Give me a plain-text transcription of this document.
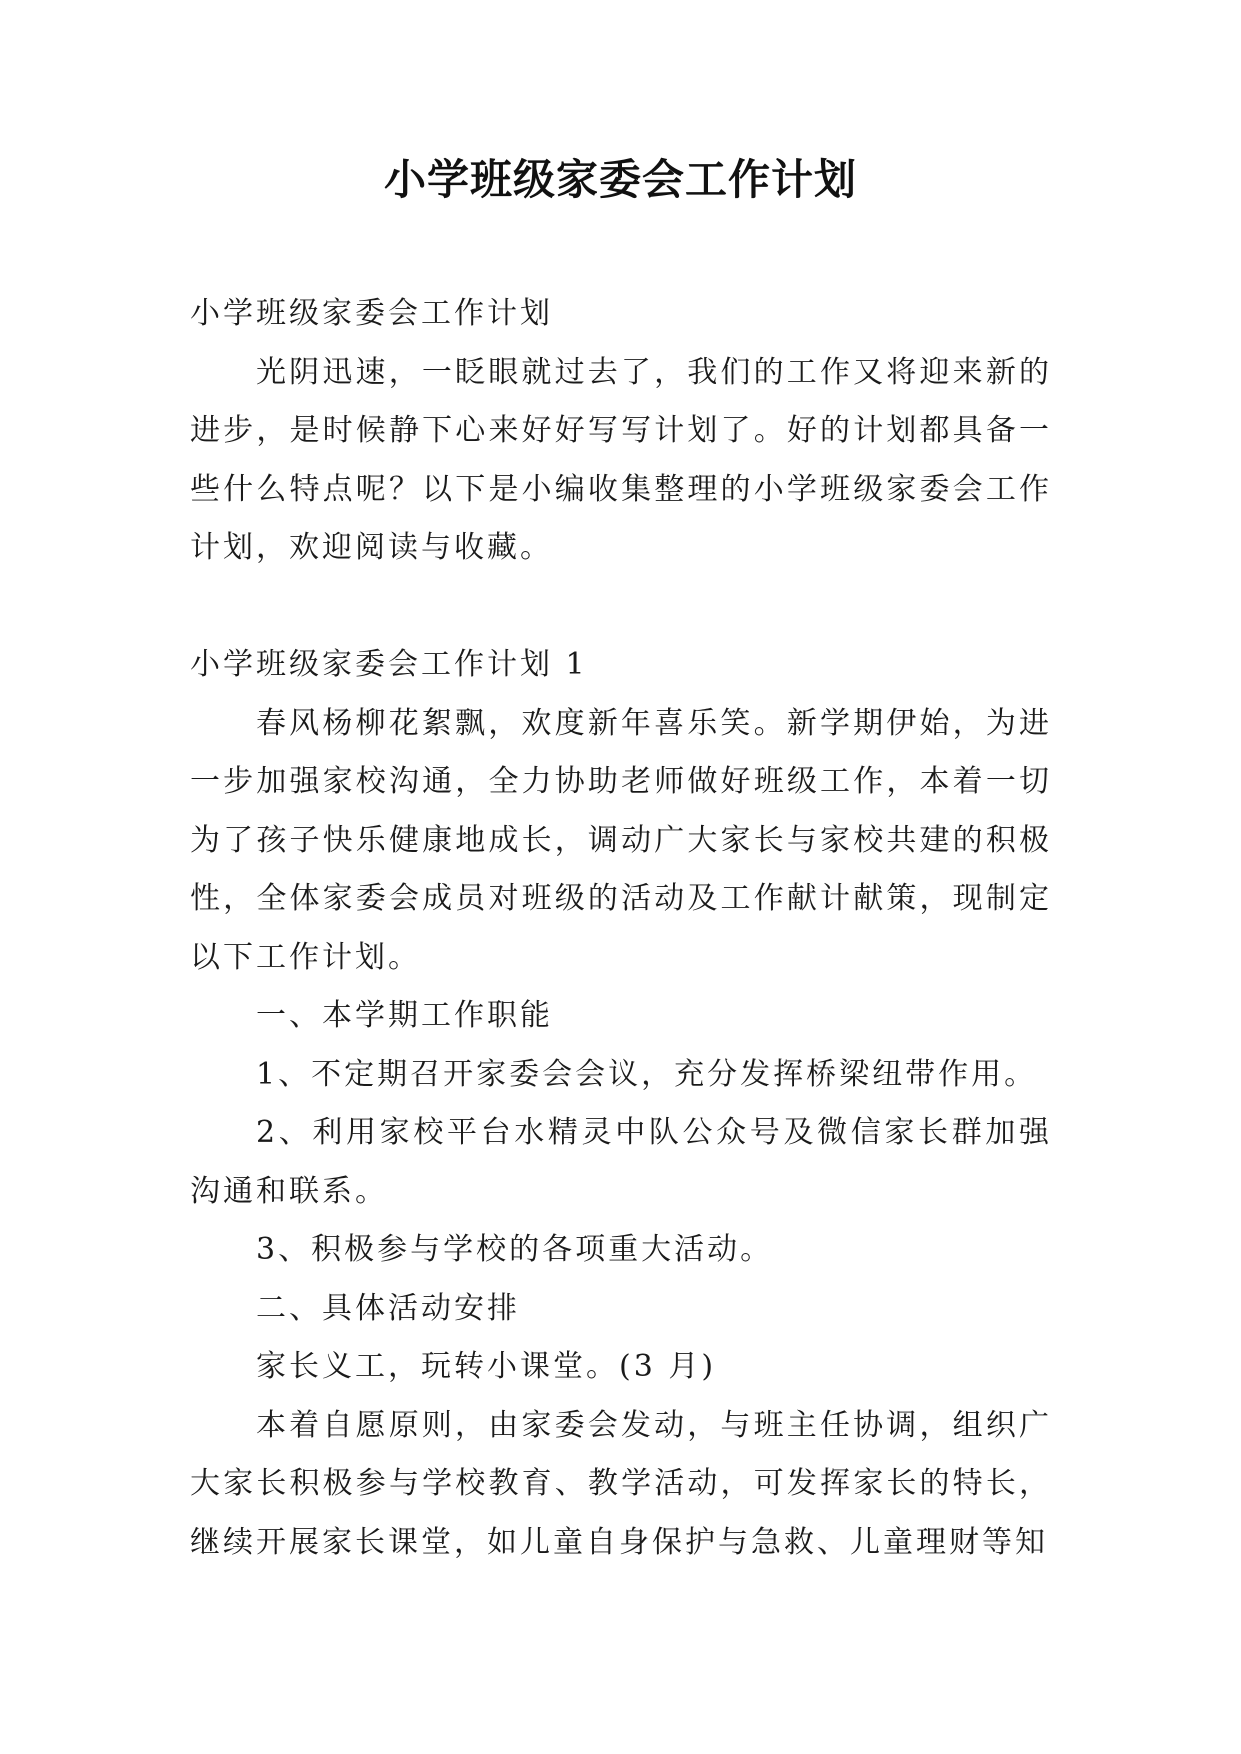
小学班级家委会工作计划

小学班级家委会工作计划

光阴迅速，一眨眼就过去了，我们的工作又将迎来新的进步，是时候静下心来好好写写计划了。好的计划都具备一些什么特点呢？以下是小编收集整理的小学班级家委会工作计划，欢迎阅读与收藏。

小学班级家委会工作计划 1

春风杨柳花絮飘，欢度新年喜乐笑。新学期伊始，为进一步加强家校沟通，全力协助老师做好班级工作，本着一切为了孩子快乐健康地成长，调动广大家长与家校共建的积极性，全体家委会成员对班级的活动及工作献计献策，现制定以下工作计划。

一、本学期工作职能

1、不定期召开家委会会议，充分发挥桥梁纽带作用。

2、利用家校平台水精灵中队公众号及微信家长群加强沟通和联系。

3、积极参与学校的各项重大活动。

二、具体活动安排

家长义工，玩转小课堂。(3 月)

本着自愿原则，由家委会发动，与班主任协调，组织广大家长积极参与学校教育、教学活动，可发挥家长的特长，继续开展家长课堂，如儿童自身保护与急救、儿童理财等知
